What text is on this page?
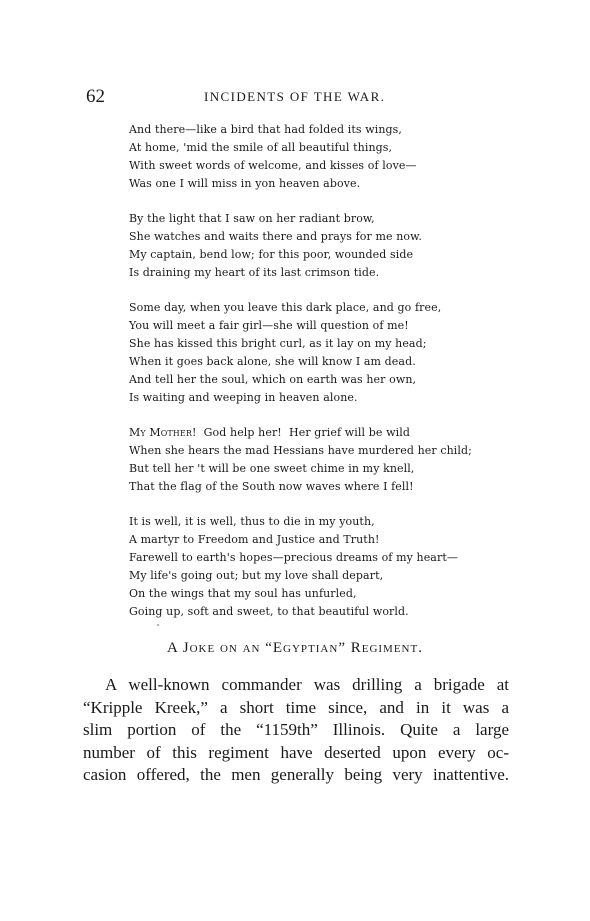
62	INCIDENTS OF THE WAR.
And there—like a bird that had folded its wings,
At home, 'mid the smile of all beautiful things,
With sweet words of welcome, and kisses of love—
Was one I will miss in yon heaven above.
By the light that I saw on her radiant brow,
She watches and waits there and prays for me now.
My captain, bend low; for this poor, wounded side
Is draining my heart of its last crimson tide.
Some day, when you leave this dark place, and go free,
You will meet a fair girl—she will question of me!
She has kissed this bright curl, as it lay on my head;
When it goes back alone, she will know I am dead.
And tell her the soul, which on earth was her own,
Is waiting and weeping in heaven alone.
My Mother!  God help her!  Her grief will be wild
When she hears the mad Hessians have murdered her child;
But tell her 't will be one sweet chime in my knell,
That the flag of the South now waves where I fell!
It is well, it is well, thus to die in my youth,
A martyr to Freedom and Justice and Truth!
Farewell to earth's hopes—precious dreams of my heart—
My life's going out; but my love shall depart,
On the wings that my soul has unfurled,
Going up, soft and sweet, to that beautiful world.
A Joke on an “Egyptian” Regiment.
A well-known commander was drilling a brigade at
“Kripple Kreek,” a short time since, and in it was a
slim portion of the “1159th” Illinois. Quite a large
number of this regiment have deserted upon every oc-
casion offered, the men generally being very inattentive.
